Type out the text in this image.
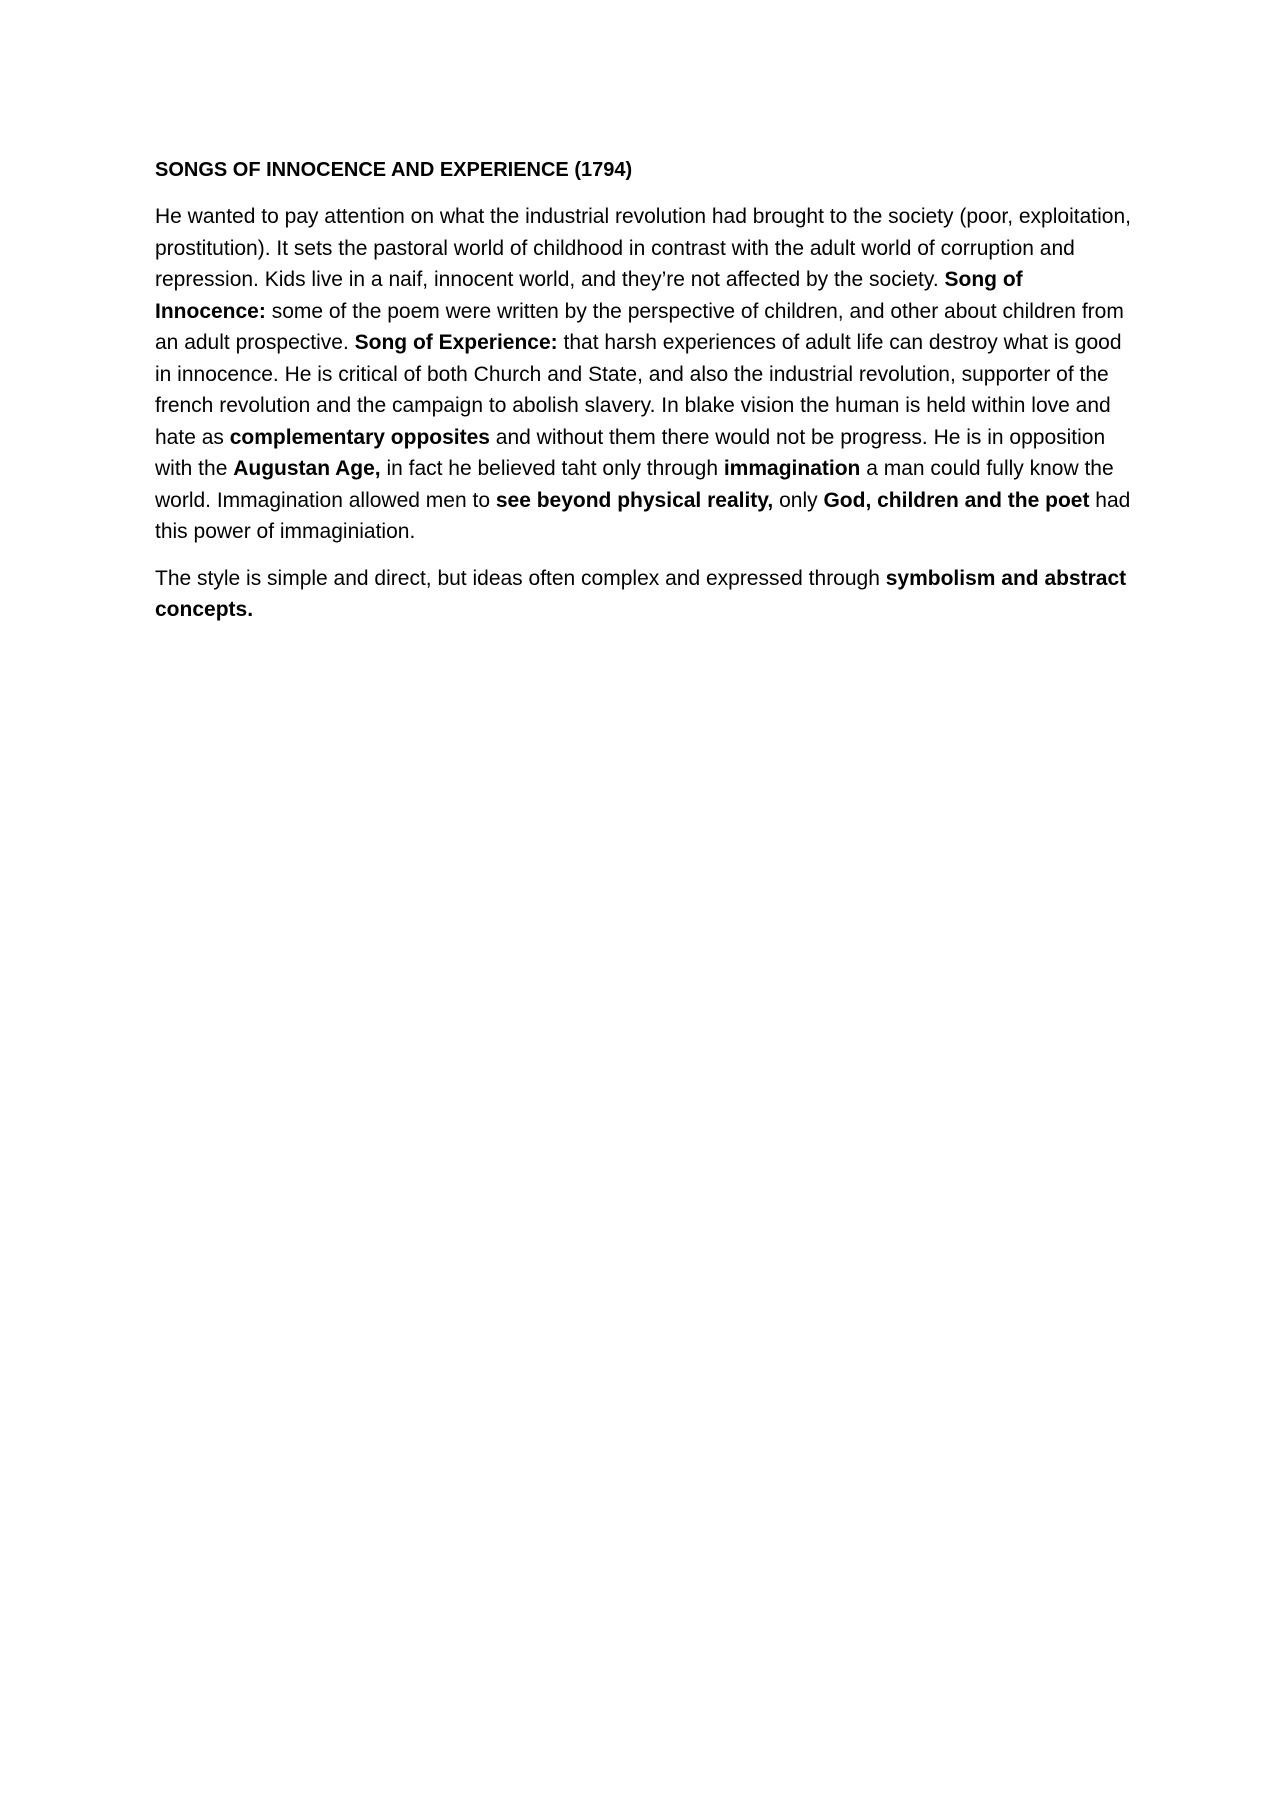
SONGS OF INNOCENCE AND EXPERIENCE (1794)

He wanted to pay attention on what the industrial revolution had brought to the society (poor, exploitation, prostitution). It sets the pastoral world of childhood in contrast with the adult world of corruption and repression. Kids live in a naif, innocent world, and they’re not affected by the society. Song of Innocence: some of the poem were written by the perspective of children, and other about children from an adult prospective. Song of Experience: that harsh experiences of adult life can destroy what is good in innocence. He is critical of both Church and State, and also the industrial revolution, supporter of the french revolution and the campaign to abolish slavery. In blake vision the human is held within love and hate as complementary opposites and without them there would not be progress. He is in opposition with the Augustan Age, in fact he believed taht only through immagination a man could fully know the world. Immagination allowed men to see beyond physical reality, only God, children and the poet had this power of immaginiation.

The style is simple and direct, but ideas often complex and expressed through symbolism and abstract concepts.
